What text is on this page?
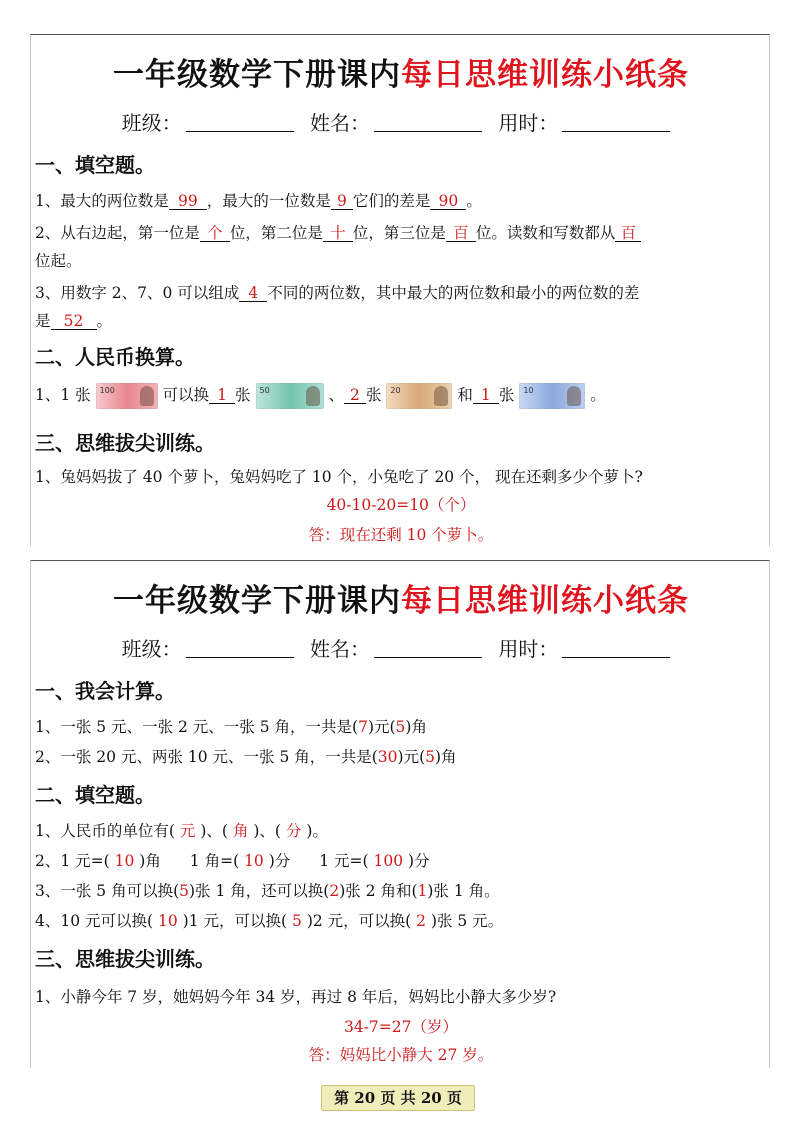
一年级数学下册课内每日思维训练小纸条
班级：	姓名：	用时：
一、填空题。
1、最大的两位数是 99 ，最大的一位数是 9 它们的差是 90 。
2、从右边起，第一位是 个 位，第二位是 十 位，第三位是 百 位。读数和写数都从 百
位起。
3、用数字 2、7、0 可以组成 4 不同的两位数，其中最大的两位数和最小的两位数的差
是 52 。
二、人民币换算。
1、1 张 100	可以换 1 张 50	、 2 张 20	和 1 张 10	。
三、思维拔尖训练。
1、兔妈妈拔了 40 个萝卜，兔妈妈吃了 10 个，小兔吃了 20 个， 现在还剩多少个萝卜?
40-10-20=10（个）
答：现在还剩 10 个萝卜。
一年级数学下册课内每日思维训练小纸条
班级：	姓名：	用时：
一、我会计算。
1、一张 5 元、一张 2 元、一张 5 角，一共是(7)元(5)角
2、一张 20 元、两张 10 元、一张 5 角，一共是(30)元(5)角
二、填空题。
1、人民币的单位有( 元 )、( 角 )、( 分 )。
2、1 元=( 10 )角 1 角=( 10 )分 1 元=( 100 )分
3、一张 5 角可以换(5)张 1 角，还可以换(2)张 2 角和(1)张 1 角。
4、10 元可以换( 10 )1 元，可以换( 5 )2 元，可以换( 2 )张 5 元。
三、思维拔尖训练。
1、小静今年 7 岁，她妈妈今年 34 岁，再过 8 年后，妈妈比小静大多少岁?
34-7=27（岁）
答：妈妈比小静大 27 岁。
第 20 页 共 20 页
